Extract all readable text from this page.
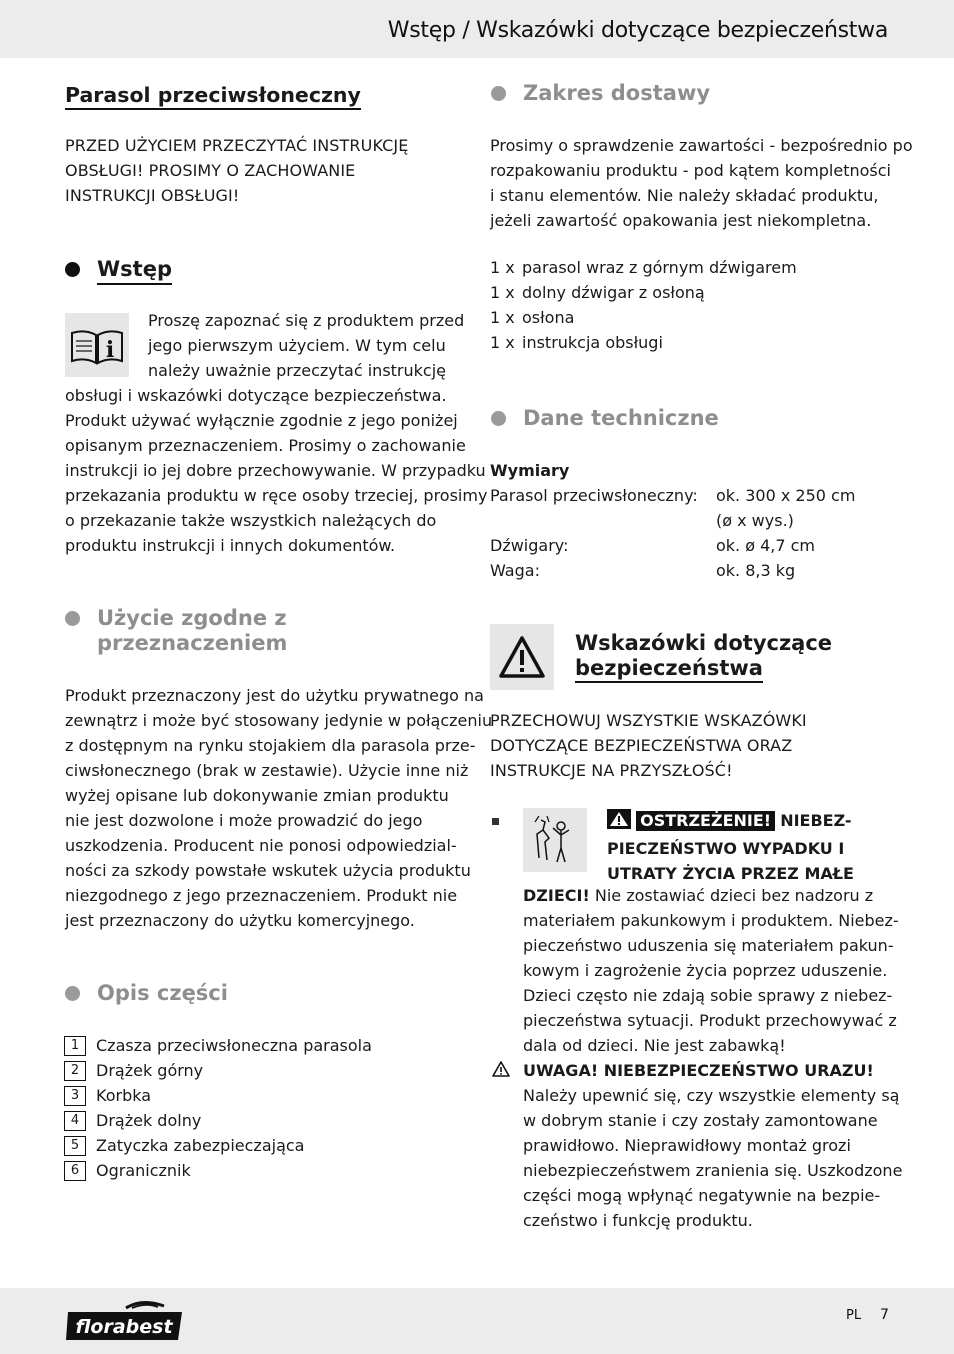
Wstęp / Wskazówki dotyczące bezpieczeństwa
Parasol przeciwsłoneczny
PRZED UŻYCIEM PRZECZYTAĆ INSTRUKCJĘ
OBSŁUGI! PROSIMY O ZACHOWANIE
INSTRUKCJI OBSŁUGI!
Wstęp
i
Proszę zapoznać się z produktem przed
jego pierwszym użyciem. W tym celu
należy uważnie przeczytać instrukcję
obsługi i wskazówki dotyczące bezpieczeństwa.
Produkt używać wyłącznie zgodnie z jego poniżej
opisanym przeznaczeniem. Prosimy o zachowanie
instrukcji io jej dobre przechowywanie. W przypadku
przekazania produktu w ręce osoby trzeciej, prosimy
o przekazanie także wszystkich należących do
produktu instrukcji i innych dokumentów.
Użycie zgodne z
przeznaczeniem
Produkt przeznaczony jest do użytku prywatnego na
zewnątrz i może być stosowany jedynie w połączeniu
z dostępnym na rynku stojakiem dla parasola prze-
ciwsłonecznego (brak w zestawie). Użycie inne niż
wyżej opisane lub dokonywanie zmian produktu
nie jest dozwolone i może prowadzić do jego
uszkodzenia. Producent nie ponosi odpowiedzial-
ności za szkody powstałe wskutek użycia produktu
niezgodnego z jego przeznaczeniem. Produkt nie
jest przeznaczony do użytku komercyjnego.
Opis części
1	Czasza przeciwsłoneczna parasola
2	Drążek górny
3	Korbka
4	Drążek dolny
5	Zatyczka zabezpieczająca
6	Ogranicznik
Zakres dostawy
Prosimy o sprawdzenie zawartości - bezpośrednio po
rozpakowaniu produktu - pod kątem kompletności
i stanu elementów. Nie należy składać produktu,
jeżeli zawartość opakowania jest niekompletna.
1 x parasol wraz z górnym dźwigarem
1 x dolny dźwigar z osłoną
1 x osłona
1 x instrukcja obsługi
Dane techniczne
Wymiary
Parasol przeciwsłoneczny:	ok. 300 x 250 cm
(ø x wys.)
Dźwigary:	ok. ø 4,7 cm
Waga:	ok. 8,3 kg
Wskazówki dotyczące
bezpieczeństwa
PRZECHOWUJ WSZYSTKIE WSKAZÓWKI
DOTYCZĄCE BEZPIECZEŃSTWA ORAZ
INSTRUKCJE NA PRZYSZŁOŚĆ!
OSTRZEŻENIE! NIEBEZ-
PIECZEŃSTWO WYPADKU I
UTRATY ŻYCIA PRZEZ MAŁE
DZIECI! Nie zostawiać dzieci bez nadzoru z
materiałem pakunkowym i produktem. Niebez-
pieczeństwo uduszenia się materiałem pakun-
kowym i zagrożenie życia poprzez uduszenie.
Dzieci często nie zdają sobie sprawy z niebez-
pieczeństwa sytuacji. Produkt przechowywać z
dala od dzieci. Nie jest zabawką!
UWAGA! NIEBEZPIECZEŃSTWO URAZU!
Należy upewnić się, czy wszystkie elementy są
w dobrym stanie i czy zostały zamontowane
prawidłowo. Nieprawidłowy montaż grozi
niebezpieczeństwem zranienia się. Uszkodzone
części mogą wpłynąć negatywnie na bezpie-
czeństwo i funkcję produktu.
florabest
PL 7
